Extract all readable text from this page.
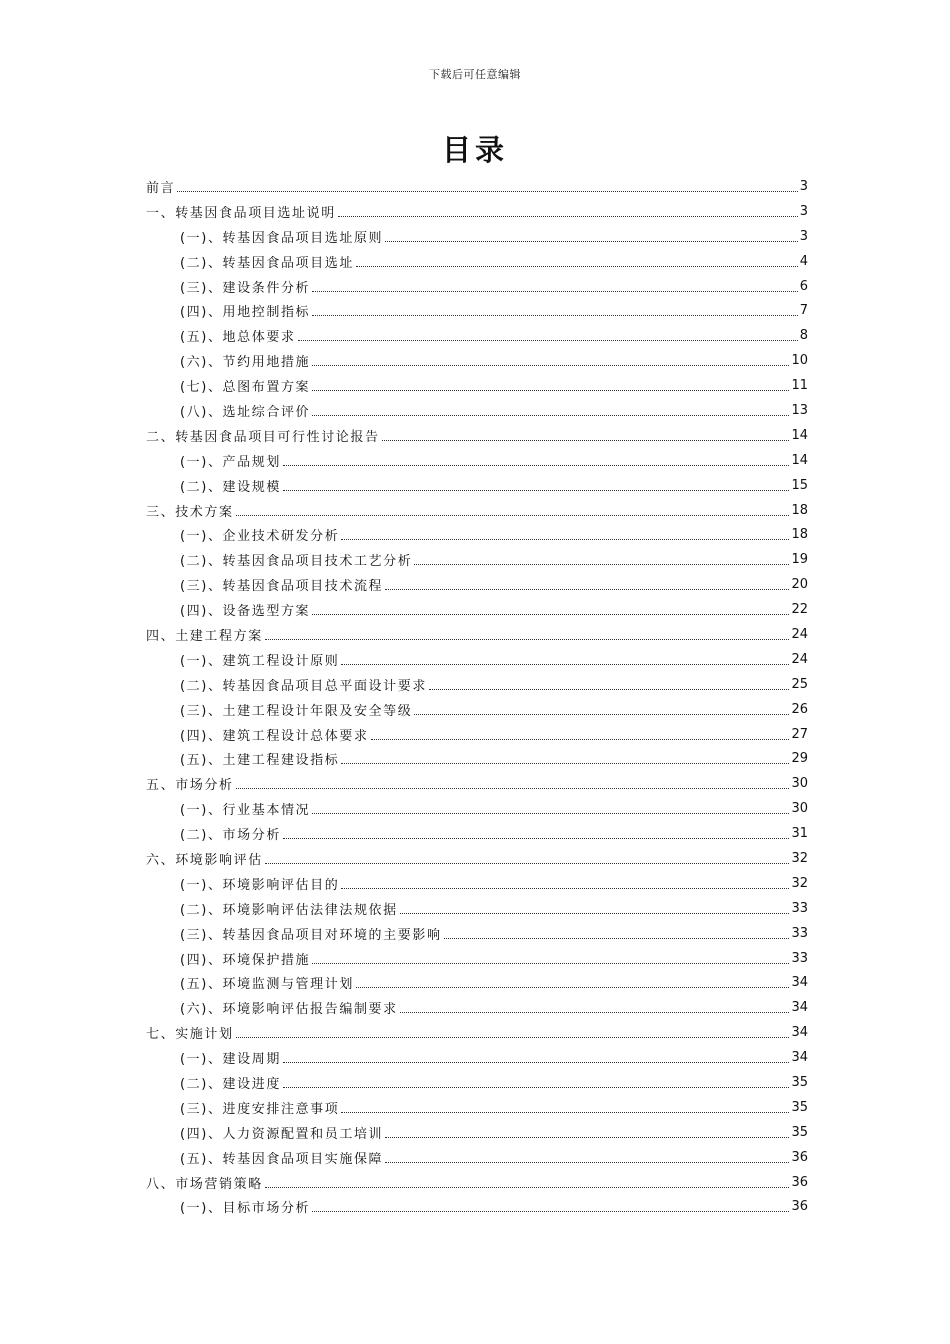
下载后可任意编辑
目录
前言	3
一、转基因食品项目选址说明	3
(一)、转基因食品项目选址原则	3
(二)、转基因食品项目选址	4
(三)、建设条件分析	6
(四)、用地控制指标	7
(五)、地总体要求	8
(六)、节约用地措施	10
(七)、总图布置方案	11
(八)、选址综合评价	13
二、转基因食品项目可行性讨论报告	14
(一)、产品规划	14
(二)、建设规模	15
三、技术方案	18
(一)、企业技术研发分析	18
(二)、转基因食品项目技术工艺分析	19
(三)、转基因食品项目技术流程	20
(四)、设备选型方案	22
四、土建工程方案	24
(一)、建筑工程设计原则	24
(二)、转基因食品项目总平面设计要求	25
(三)、土建工程设计年限及安全等级	26
(四)、建筑工程设计总体要求	27
(五)、土建工程建设指标	29
五、市场分析	30
(一)、行业基本情况	30
(二)、市场分析	31
六、环境影响评估	32
(一)、环境影响评估目的	32
(二)、环境影响评估法律法规依据	33
(三)、转基因食品项目对环境的主要影响	33
(四)、环境保护措施	33
(五)、环境监测与管理计划	34
(六)、环境影响评估报告编制要求	34
七、实施计划	34
(一)、建设周期	34
(二)、建设进度	35
(三)、进度安排注意事项	35
(四)、人力资源配置和员工培训	35
(五)、转基因食品项目实施保障	36
八、市场营销策略	36
(一)、目标市场分析	36
